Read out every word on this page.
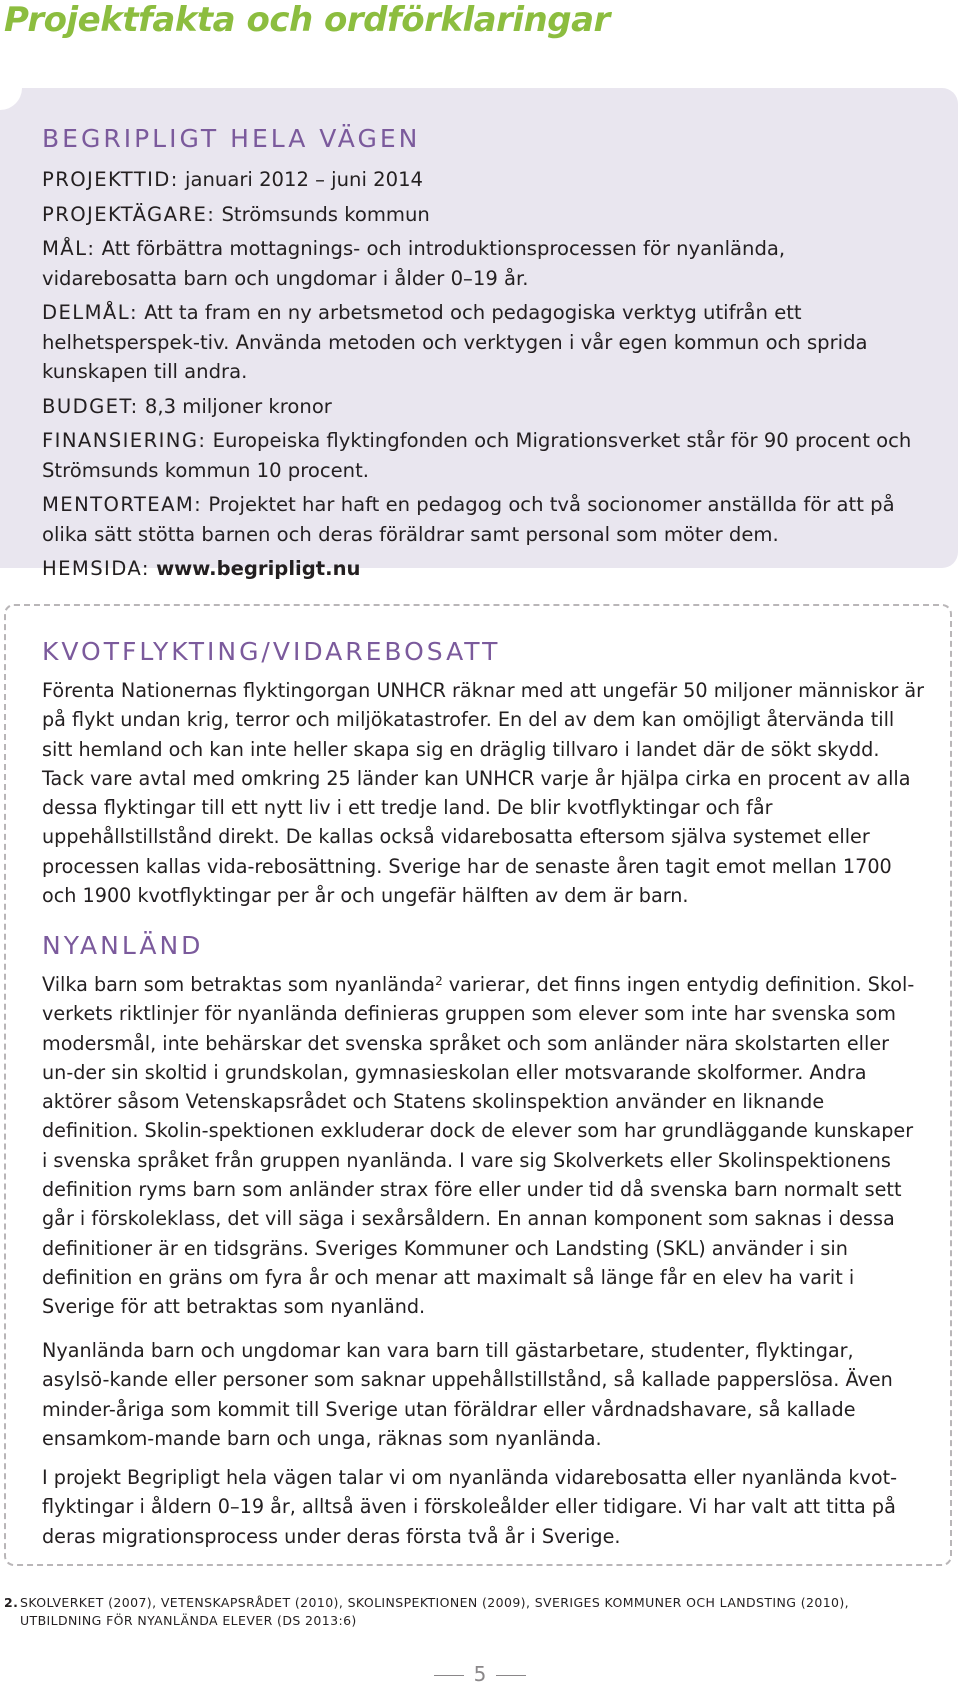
Projektfakta och ordförklaringar
BEGRIPLIGT HELA VÄGEN

PROJEKTTID: januari 2012 – juni 2014

PROJEKTÄGARE: Strömsunds kommun

MÅL: Att förbättra mottagnings- och introduktionsprocessen för nyanlända, vidarebosatta barn och ungdomar i ålder 0–19 år.

DELMÅL: Att ta fram en ny arbetsmetod och pedagogiska verktyg utifrån ett helhetsperspek-tiv. Använda metoden och verktygen i vår egen kommun och sprida kunskapen till andra.

BUDGET: 8,3 miljoner kronor

FINANSIERING: Europeiska flyktingfonden och Migrationsverket står för 90 procent och Strömsunds kommun 10 procent.

MENTORTEAM: Projektet har haft en pedagog och två socionomer anställda för att på olika sätt stötta barnen och deras föräldrar samt personal som möter dem.

HEMSIDA: www.begripligt.nu

KVOTFLYKTING/VIDAREBOSATT

Förenta Nationernas flyktingorgan UNHCR räknar med att ungefär 50 miljoner människor är på flykt undan krig, terror och miljökatastrofer. En del av dem kan omöjligt återvända till sitt hemland och kan inte heller skapa sig en dräglig tillvaro i landet där de sökt skydd. Tack vare avtal med omkring 25 länder kan UNHCR varje år hjälpa cirka en procent av alla dessa flyktingar till ett nytt liv i ett tredje land. De blir kvotflyktingar och får uppehållstillstånd direkt. De kallas också vidarebosatta eftersom själva systemet eller processen kallas vida-rebosättning. Sverige har de senaste åren tagit emot mellan 1700 och 1900 kvotflyktingar per år och ungefär hälften av dem är barn.

NYANLÄND

Vilka barn som betraktas som nyanlända$^2$ varierar, det finns ingen entydig definition. Skol-verkets riktlinjer för nyanlända definieras gruppen som elever som inte har svenska som modersmål, inte behärskar det svenska språket och som anländer nära skolstarten eller un-der sin skoltid i grundskolan, gymnasieskolan eller motsvarande skolformer. Andra aktörer såsom Vetenskapsrådet och Statens skolinspektion använder en liknande definition. Skolin-spektionen exkluderar dock de elever som har grundläggande kunskaper i svenska språket från gruppen nyanlända. I vare sig Skolverkets eller Skolinspektionens definition ryms barn som anländer strax före eller under tid då svenska barn normalt sett går i förskoleklass, det vill säga i sexårsåldern. En annan komponent som saknas i dessa definitioner är en tidsgräns. Sveriges Kommuner och Landsting (SKL) använder i sin definition en gräns om fyra år och menar att maximalt så länge får en elev ha varit i Sverige för att betraktas som nyanländ.

Nyanlända barn och ungdomar kan vara barn till gästarbetare, studenter, flyktingar, asylsö-kande eller personer som saknar uppehållstillstånd, så kallade papperslösa. Även minder-åriga som kommit till Sverige utan föräldrar eller vårdnadshavare, så kallade ensamkom-mande barn och unga, räknas som nyanlända.

I projekt Begripligt hela vägen talar vi om nyanlända vidarebosatta eller nyanlända kvot-flyktingar i åldern 0–19 år, alltså även i förskoleålder eller tidigare. Vi har valt att titta på deras migrationsprocess under deras första två år i Sverige.

2. SKOLVERKET (2007), VETENSKAPSRÅDET (2010), SKOLINSPEKTIONEN (2009), SVERIGES KOMMUNER OCH LANDSTING (2010), UTBILDNING FÖR NYANLÄNDA ELEVER (DS 2013:6)
5
